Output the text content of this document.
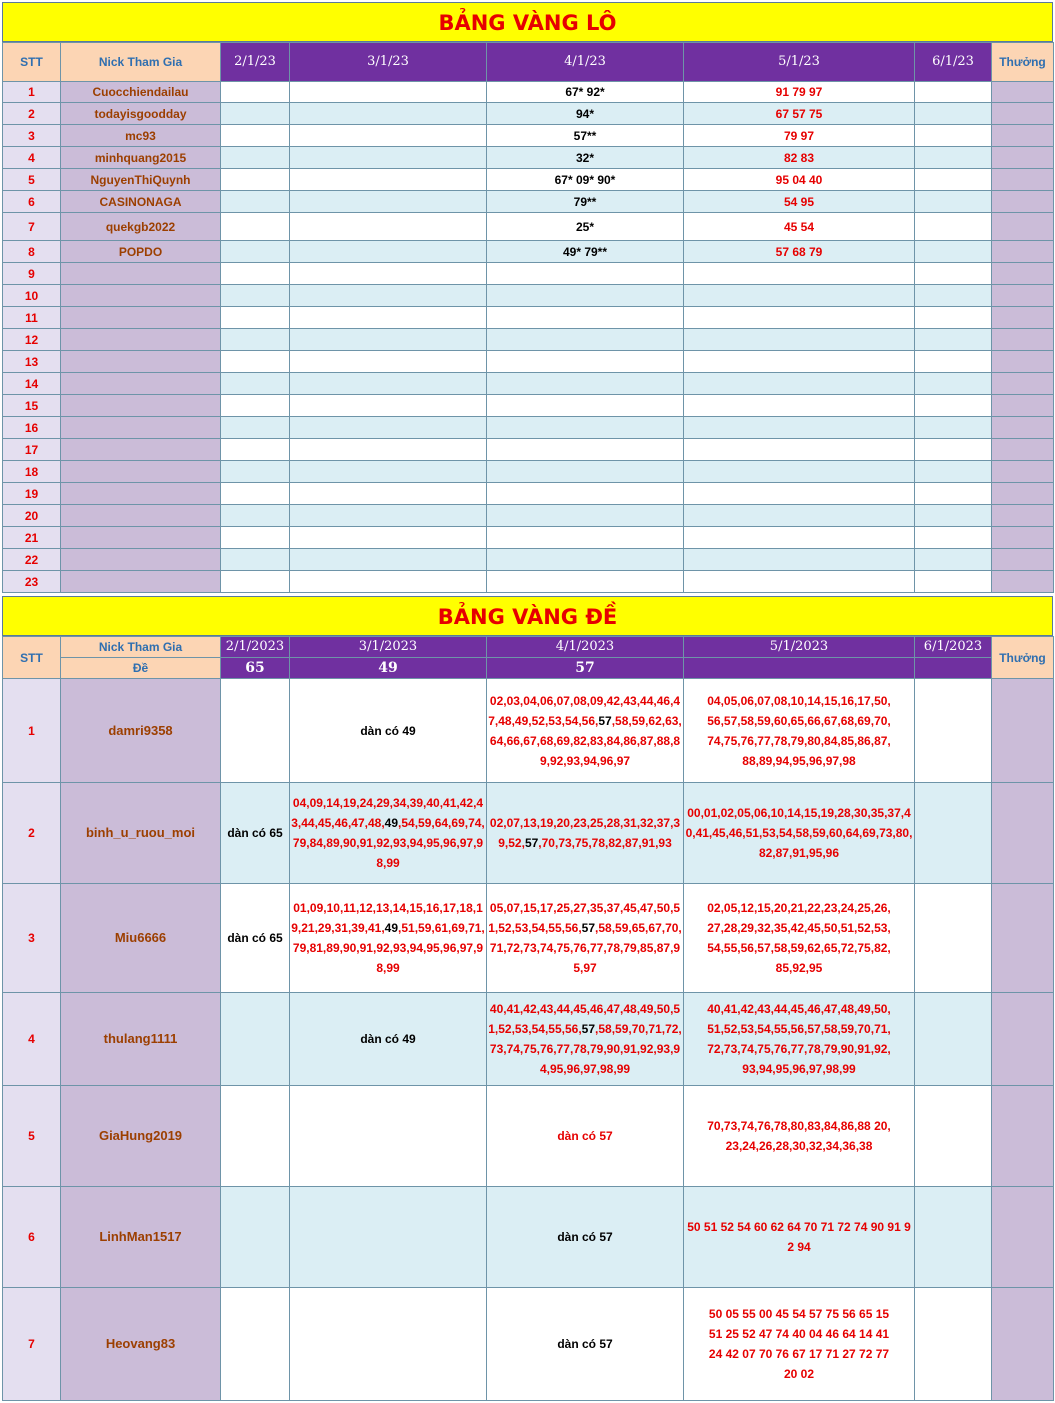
BẢNG VÀNG LÔ
STT	Nick Tham Gia	2/1/23	3/1/23	4/1/23	5/1/23	6/1/23	Thưởng
1	Cuocchiendailau			67* 92*	91 79 97		
2	todayisgoodday			94*	67 57 75		
3	mc93			57**	79 97		
4	minhquang2015			32*	82 83		
5	NguyenThiQuynh			67* 09* 90*	95 04 40		
6	CASINONAGA			79**	54 95		
7	quekgb2022			25*	45 54		
8	POPDO			49* 79**	57 68 79		
9							
10							
11							
12							
13							
14							
15							
16							
17							
18							
19							
20							
21							
22							
23							
BẢNG VÀNG ĐỀ
STT	Nick Tham Gia	2/1/2023	3/1/2023	4/1/2023	5/1/2023	6/1/2023	Thưởng
	Đề	65	49	57			
1	damri9358		dàn có 49	02,03,04,06,07,08,09,42,43,44,46,47,48,49,52,53,54,56,57,58,59,62,63,64,66,67,68,69,82,83,84,86,87,88,89,92,93,94,96,97	04,05,06,07,08,10,14,15,16,17,50,56,57,58,59,60,65,66,67,68,69,70,74,75,76,77,78,79,80,84,85,86,87,88,89,94,95,96,97,98		
2	binh_u_ruou_moi	dàn có 65	04,09,14,19,24,29,34,39,40,41,42,43,44,45,46,47,48,49,54,59,64,69,74,79,84,89,90,91,92,93,94,95,96,97,98,99	02,07,13,19,20,23,25,28,31,32,37,39,52,57,70,73,75,78,82,87,91,93	00,01,02,05,06,10,14,15,19,28,30,35,37,40,41,45,46,51,53,54,58,59,60,64,69,73,80,82,87,91,95,96		
3	Miu6666	dàn có 65	01,09,10,11,12,13,14,15,16,17,18,19,21,29,31,39,41,49,51,59,61,69,71,79,81,89,90,91,92,93,94,95,96,97,98,99	05,07,15,17,25,27,35,37,45,47,50,51,52,53,54,55,56,57,58,59,65,67,70,71,72,73,74,75,76,77,78,79,85,87,95,97	02,05,12,15,20,21,22,23,24,25,26,27,28,29,32,35,42,45,50,51,52,53,54,55,56,57,58,59,62,65,72,75,82,85,92,95		
4	thulang1111		dàn có 49	40,41,42,43,44,45,46,47,48,49,50,51,52,53,54,55,56,57,58,59,70,71,72,73,74,75,76,77,78,79,90,91,92,93,94,95,96,97,98,99	40,41,42,43,44,45,46,47,48,49,50,51,52,53,54,55,56,57,58,59,70,71,72,73,74,75,76,77,78,79,90,91,92,93,94,95,96,97,98,99		
5	GiaHung2019			dàn có 57	70,73,74,76,78,80,83,84,86,88 20,23,24,26,28,30,32,34,36,38		
6	LinhMan1517			dàn có 57	50 51 52 54 60 62 64 70 71 72 74 90 91 92 94		
7	Heovang83			dàn có 57	50 05 55 00 45 54 57 75 56 65 15 51 25 52 47 74 40 04 46 64 14 41 24 42 07 70 76 67 17 71 27 72 77 20 02		
